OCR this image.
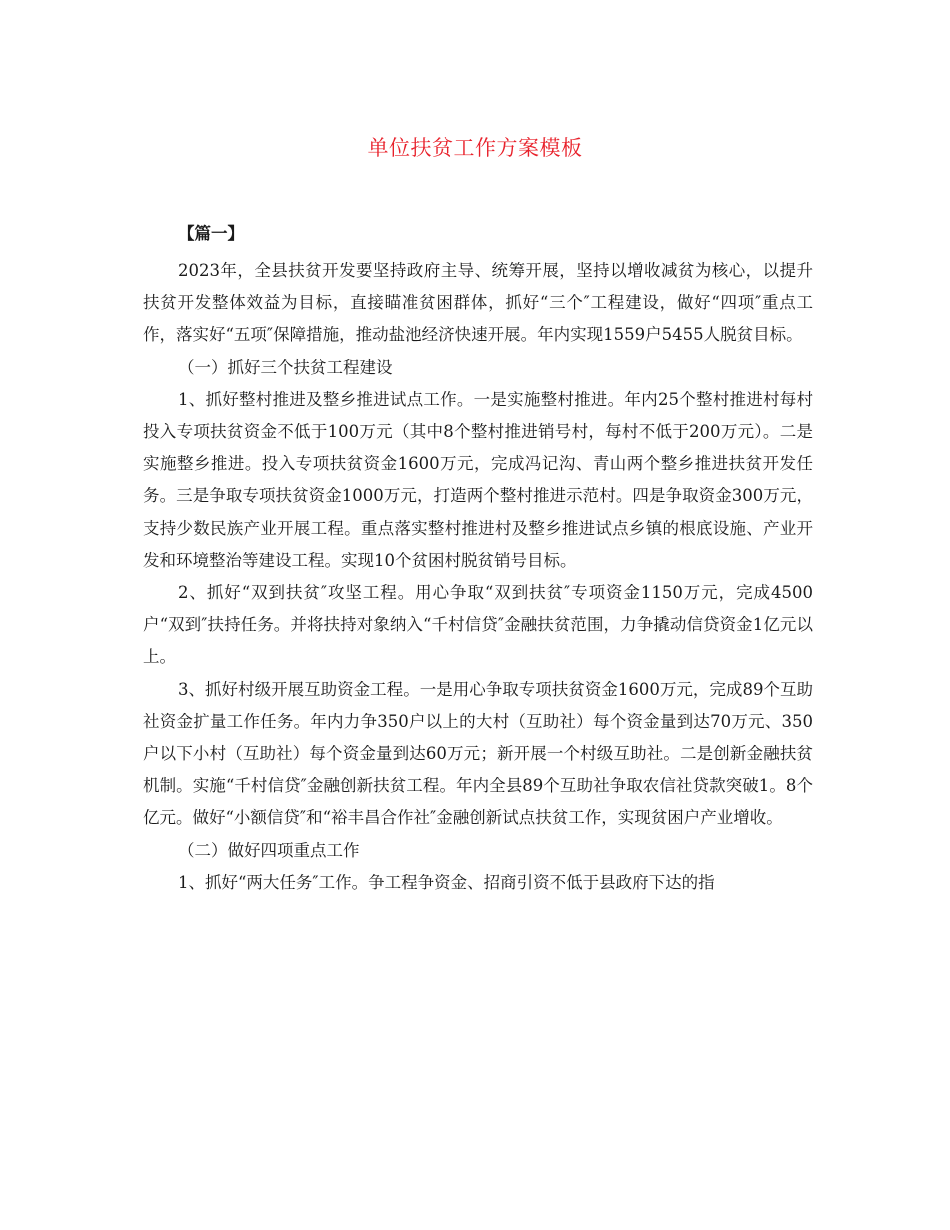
单位扶贫工作方案模板
【篇一】

2023年，全县扶贫开发要坚持政府主导、统筹开展，坚持以增收减贫为核心，以提升扶贫开发整体效益为目标，直接瞄准贫困群体，抓好“三个″工程建设，做好“四项″重点工作，落实好“五项″保障措施，推动盐池经济快速开展。年内实现1559户5455人脱贫目标。

（一）抓好三个扶贫工程建设

1、抓好整村推进及整乡推进试点工作。一是实施整村推进。年内25个整村推进村每村投入专项扶贫资金不低于100万元（其中8个整村推进销号村，每村不低于200万元）。二是实施整乡推进。投入专项扶贫资金1600万元，完成冯记沟、青山两个整乡推进扶贫开发任务。三是争取专项扶贫资金1000万元，打造两个整村推进示范村。四是争取资金300万元，支持少数民族产业开展工程。重点落实整村推进村及整乡推进试点乡镇的根底设施、产业开发和环境整治等建设工程。实现10个贫困村脱贫销号目标。

2、抓好“双到扶贫″攻坚工程。用心争取“双到扶贫″专项资金1150万元，完成4500户“双到″扶持任务。并将扶持对象纳入“千村信贷″金融扶贫范围，力争撬动信贷资金1亿元以上。

3、抓好村级开展互助资金工程。一是用心争取专项扶贫资金1600万元，完成89个互助社资金扩量工作任务。年内力争350户以上的大村（互助社）每个资金量到达70万元、350户以下小村（互助社）每个资金量到达60万元；新开展一个村级互助社。二是创新金融扶贫机制。实施“千村信贷″金融创新扶贫工程。年内全县89个互助社争取农信社贷款突破1。8个亿元。做好“小额信贷″和“裕丰昌合作社″金融创新试点扶贫工作，实现贫困户产业增收。

（二）做好四项重点工作

1、抓好“两大任务″工作。争工程争资金、招商引资不低于县政府下达的指
